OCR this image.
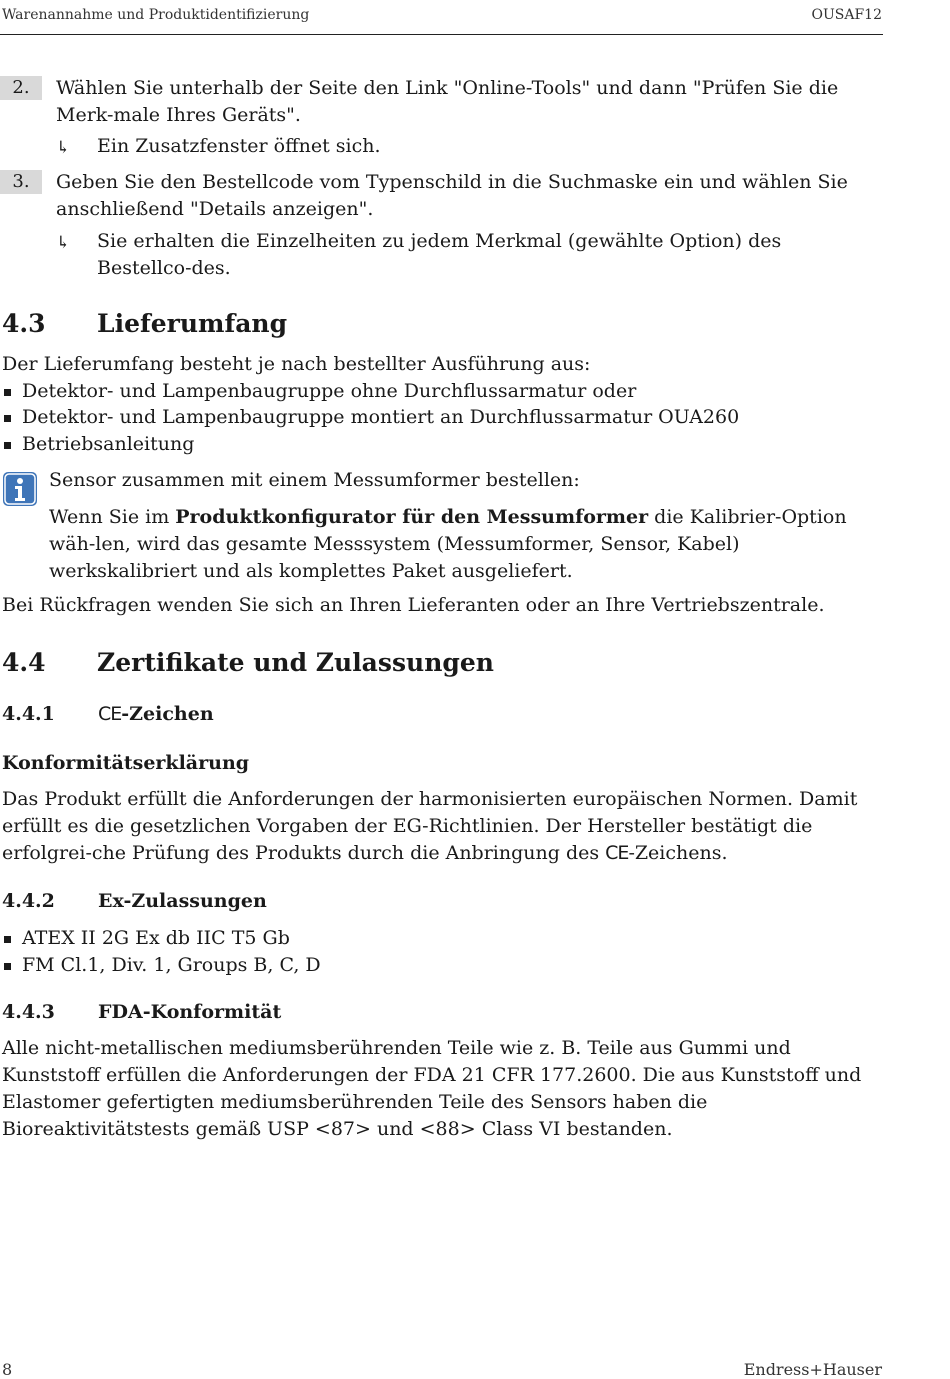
Warenannahme und Produktidentifizierung	OUSAF12
2.	Wählen Sie unterhalb der Seite den Link "Online-Tools" und dann "Prüfen Sie die Merk-male Ihres Geräts".
↳ Ein Zusatzfenster öffnet sich.
3.	Geben Sie den Bestellcode vom Typenschild in die Suchmaske ein und wählen Sie anschließend "Details anzeigen".
↳ Sie erhalten die Einzelheiten zu jedem Merkmal (gewählte Option) des Bestellco-des.
4.3 Lieferumfang
Der Lieferumfang besteht je nach bestellter Ausführung aus:
Detektor- und Lampenbaugruppe ohne Durchflussarmatur oder
Detektor- und Lampenbaugruppe montiert an Durchflussarmatur OUA260
Betriebsanleitung
Sensor zusammen mit einem Messumformer bestellen:
Wenn Sie im Produktkonfigurator für den Messumformer die Kalibrier-Option wäh-len, wird das gesamte Messsystem (Messumformer, Sensor, Kabel) werkskalibriert und als komplettes Paket ausgeliefert.
Bei Rückfragen wenden Sie sich an Ihren Lieferanten oder an Ihre Vertriebszentrale.
4.4 Zertifikate und Zulassungen
4.4.1 CE-Zeichen
Konformitätserklärung
Das Produkt erfüllt die Anforderungen der harmonisierten europäischen Normen. Damit erfüllt es die gesetzlichen Vorgaben der EG-Richtlinien. Der Hersteller bestätigt die erfolgrei-che Prüfung des Produkts durch die Anbringung des CE-Zeichens.
4.4.2 Ex-Zulassungen
ATEX II 2G Ex db IIC T5 Gb
FM Cl.1, Div. 1, Groups B, C, D
4.4.3 FDA-Konformität
Alle nicht-metallischen mediumsberührenden Teile wie z. B. Teile aus Gummi und Kunststoff erfüllen die Anforderungen der FDA 21 CFR 177.2600. Die aus Kunststoff und Elastomer gefertigten mediumsberührenden Teile des Sensors haben die Bioreaktivitätstests gemäß USP <87> und <88> Class VI bestanden.
8	Endress+Hauser
